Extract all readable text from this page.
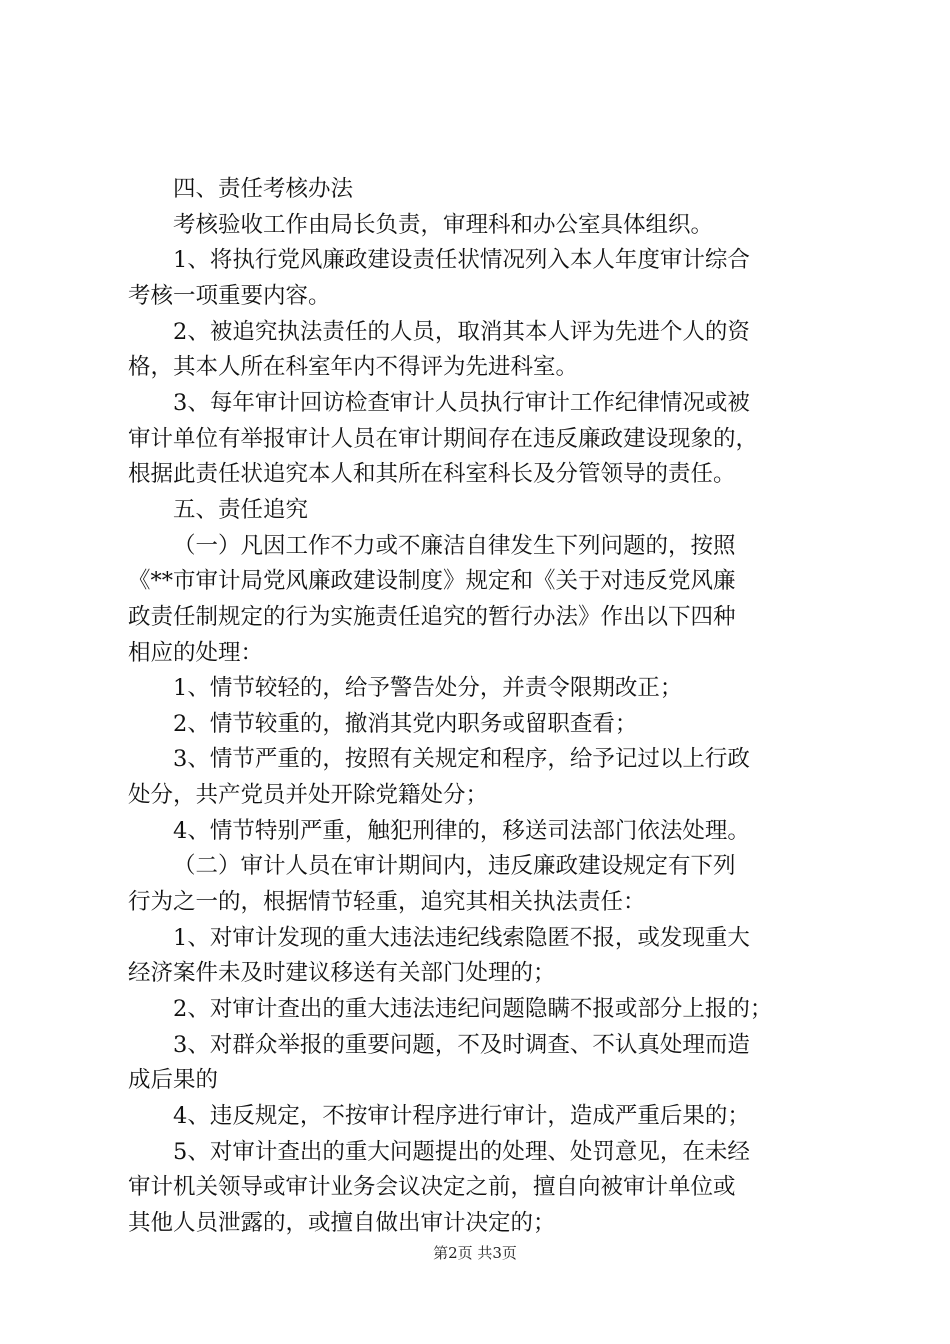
四、责任考核办法
考核验收工作由局长负责，审理科和办公室具体组织。
1、将执行党风廉政建设责任状情况列入本人年度审计综合
考核一项重要内容。
2、被追究执法责任的人员，取消其本人评为先进个人的资
格，其本人所在科室年内不得评为先进科室。
3、每年审计回访检查审计人员执行审计工作纪律情况或被
审计单位有举报审计人员在审计期间存在违反廉政建设现象的，
根据此责任状追究本人和其所在科室科长及分管领导的责任。
五、责任追究
（一）凡因工作不力或不廉洁自律发生下列问题的，按照
《**市审计局党风廉政建设制度》规定和《关于对违反党风廉
政责任制规定的行为实施责任追究的暂行办法》作出以下四种
相应的处理：
1、情节较轻的，给予警告处分，并责令限期改正；
2、情节较重的，撤消其党内职务或留职查看；
3、情节严重的，按照有关规定和程序，给予记过以上行政
处分，共产党员并处开除党籍处分；
4、情节特别严重，触犯刑律的，移送司法部门依法处理。
（二）审计人员在审计期间内，违反廉政建设规定有下列
行为之一的，根据情节轻重，追究其相关执法责任：
1、对审计发现的重大违法违纪线索隐匿不报，或发现重大
经济案件未及时建议移送有关部门处理的；
2、对审计查出的重大违法违纪问题隐瞒不报或部分上报的；
3、对群众举报的重要问题，不及时调查、不认真处理而造
成后果的
4、违反规定，不按审计程序进行审计，造成严重后果的；
5、对审计查出的重大问题提出的处理、处罚意见，在未经
审计机关领导或审计业务会议决定之前，擅自向被审计单位或
其他人员泄露的，或擅自做出审计决定的；
第2页 共3页
